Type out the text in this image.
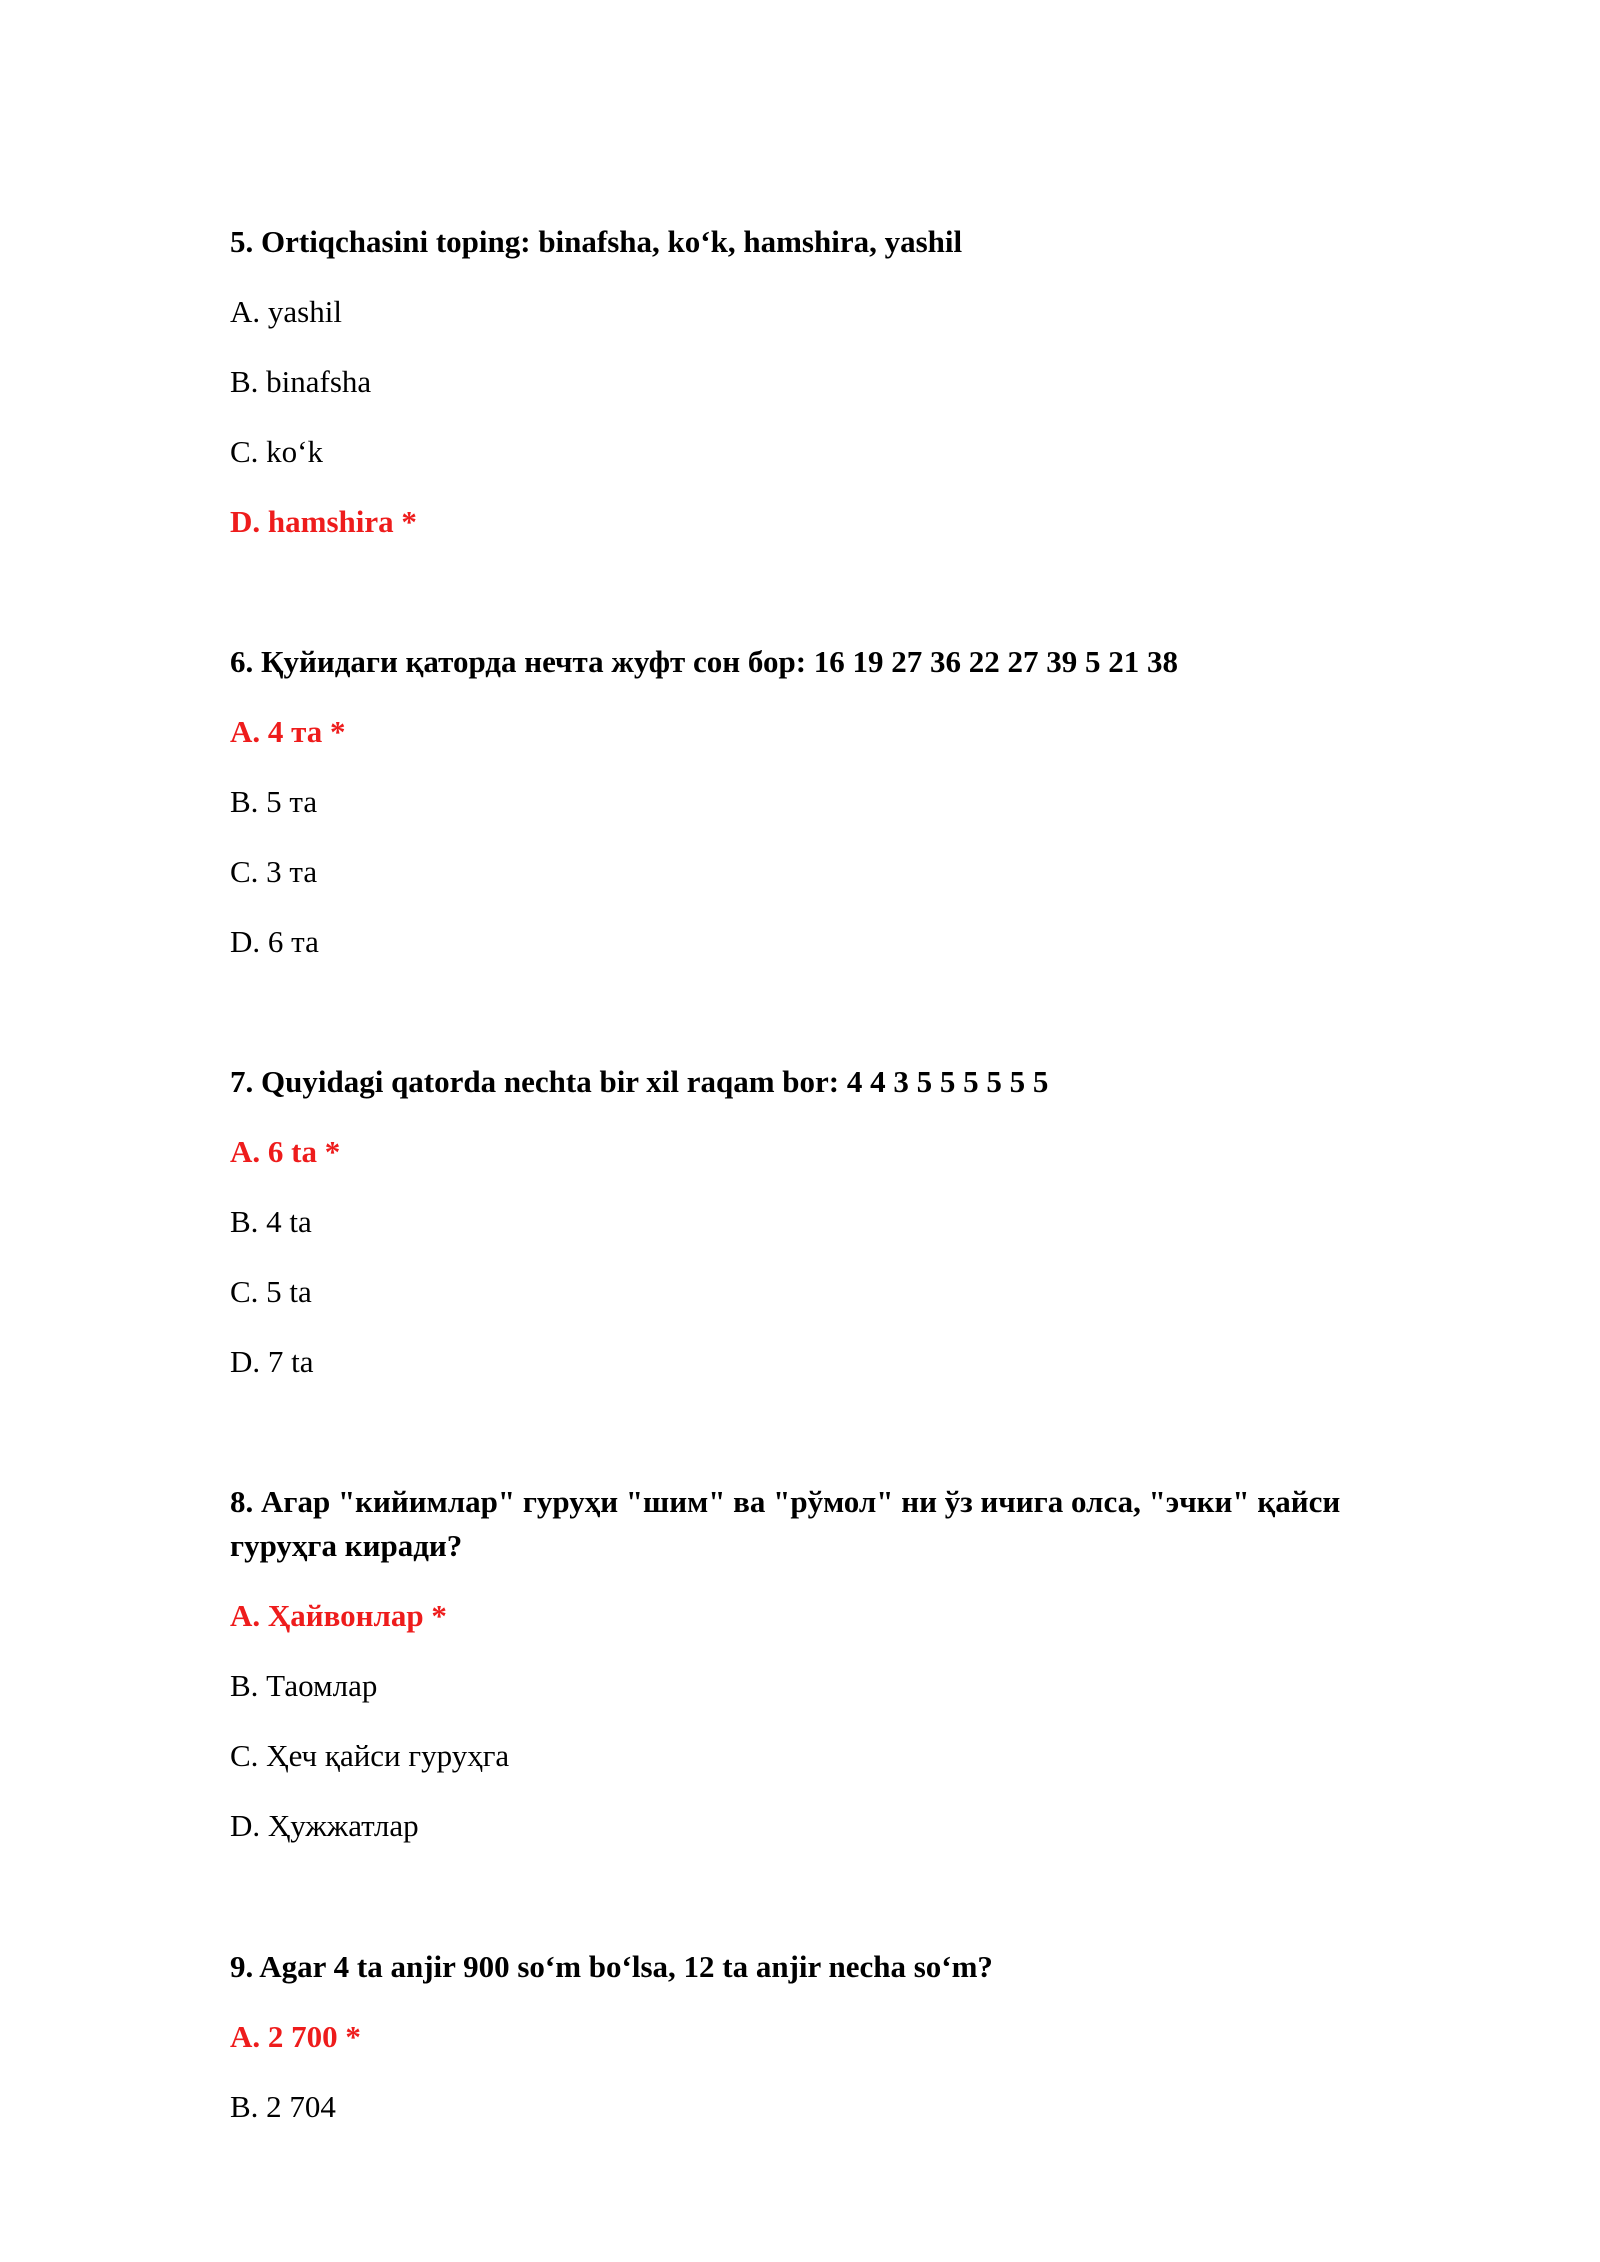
5. Ortiqchasini toping: binafsha, ko‘k, hamshira, yashil
A. yashil
B. binafsha
C. ko‘k
D. hamshira *
6. Қуйидаги қаторда нечта жуфт сон бор: 16 19 27 36 22 27 39 5 21 38
A. 4 та *
B. 5 та
C. 3 та
D. 6 та
7. Quyidagi qatorda nechta bir xil raqam bor: 4 4 3 5 5 5 5 5 5
A. 6 ta *
B. 4 ta
C. 5 ta
D. 7 ta
8. Агар "кийимлар" гуруҳи "шим" ва "рўмол" ни ўз ичига олса, "эчки" қайси гуруҳга киради?
A. Ҳайвонлар *
B. Таомлар
C. Ҳеч қайси гуруҳга
D. Ҳужжатлар
9. Agar 4 ta anjir 900 so‘m bo‘lsa, 12 ta anjir necha so‘m?
A. 2 700 *
B. 2 704
